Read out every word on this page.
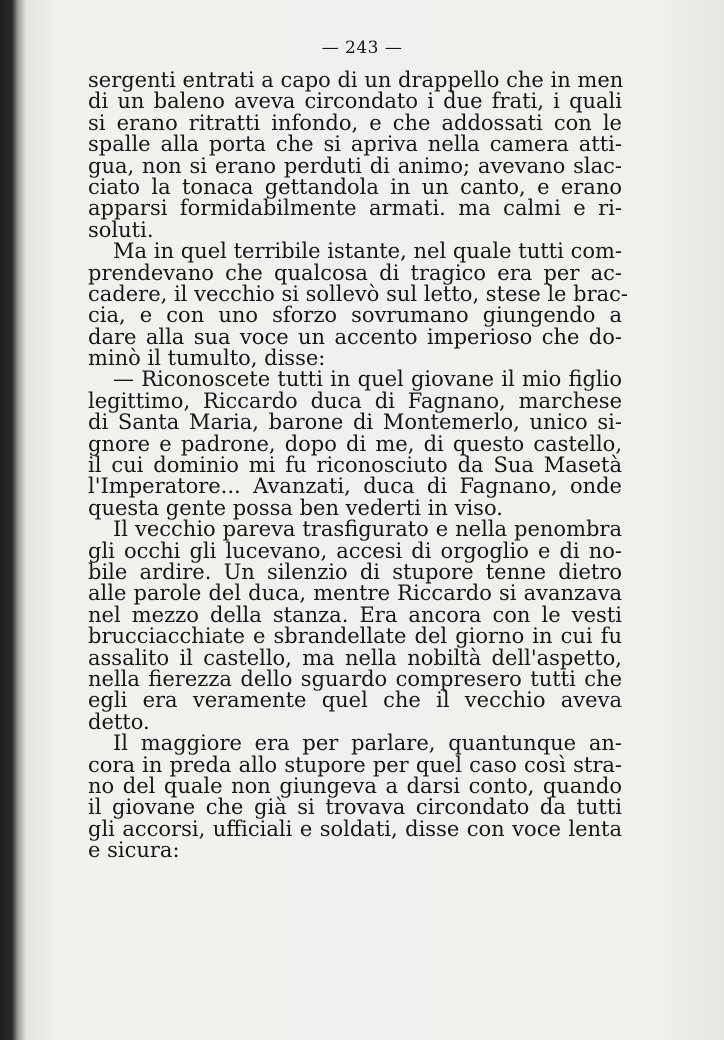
— 243 —
sergenti entrati a capo di un drappello che in men
di un baleno aveva circondato i due frati, i quali
si erano ritratti infondo, e che addossati con le
spalle alla porta che si apriva nella camera atti-
gua, non si erano perduti di animo; avevano slac-
ciato la tonaca gettandola in un canto, e erano
apparsi formidabilmente armati. ma calmi e ri-
soluti.
Ma in quel terribile istante, nel quale tutti com-
prendevano che qualcosa di tragico era per ac-
cadere, il vecchio si sollevò sul letto, stese le brac-
cia, e con uno sforzo sovrumano giungendo a
dare alla sua voce un accento imperioso che do-
minò il tumulto, disse:
— Riconoscete tutti in quel giovane il mio figlio
legittimo, Riccardo duca di Fagnano, marchese
di Santa Maria, barone di Montemerlo, unico si-
gnore e padrone, dopo di me, di questo castello,
il cui dominio mi fu riconosciuto da Sua Masetà
l'Imperatore... Avanzati, duca di Fagnano, onde
questa gente possa ben vederti in viso.
Il vecchio pareva trasfigurato e nella penombra
gli occhi gli lucevano, accesi di orgoglio e di no-
bile ardire. Un silenzio di stupore tenne dietro
alle parole del duca, mentre Riccardo si avanzava
nel mezzo della stanza. Era ancora con le vesti
brucciacchiate e sbrandellate del giorno in cui fu
assalito il castello, ma nella nobiltà dell'aspetto,
nella fierezza dello sguardo compresero tutti che
egli era veramente quel che il vecchio aveva
detto.
Il maggiore era per parlare, quantunque an-
cora in preda allo stupore per quel caso così stra-
no del quale non giungeva a darsi conto, quando
il giovane che già si trovava circondato da tutti
gli accorsi, ufficiali e soldati, disse con voce lenta
e sicura:
